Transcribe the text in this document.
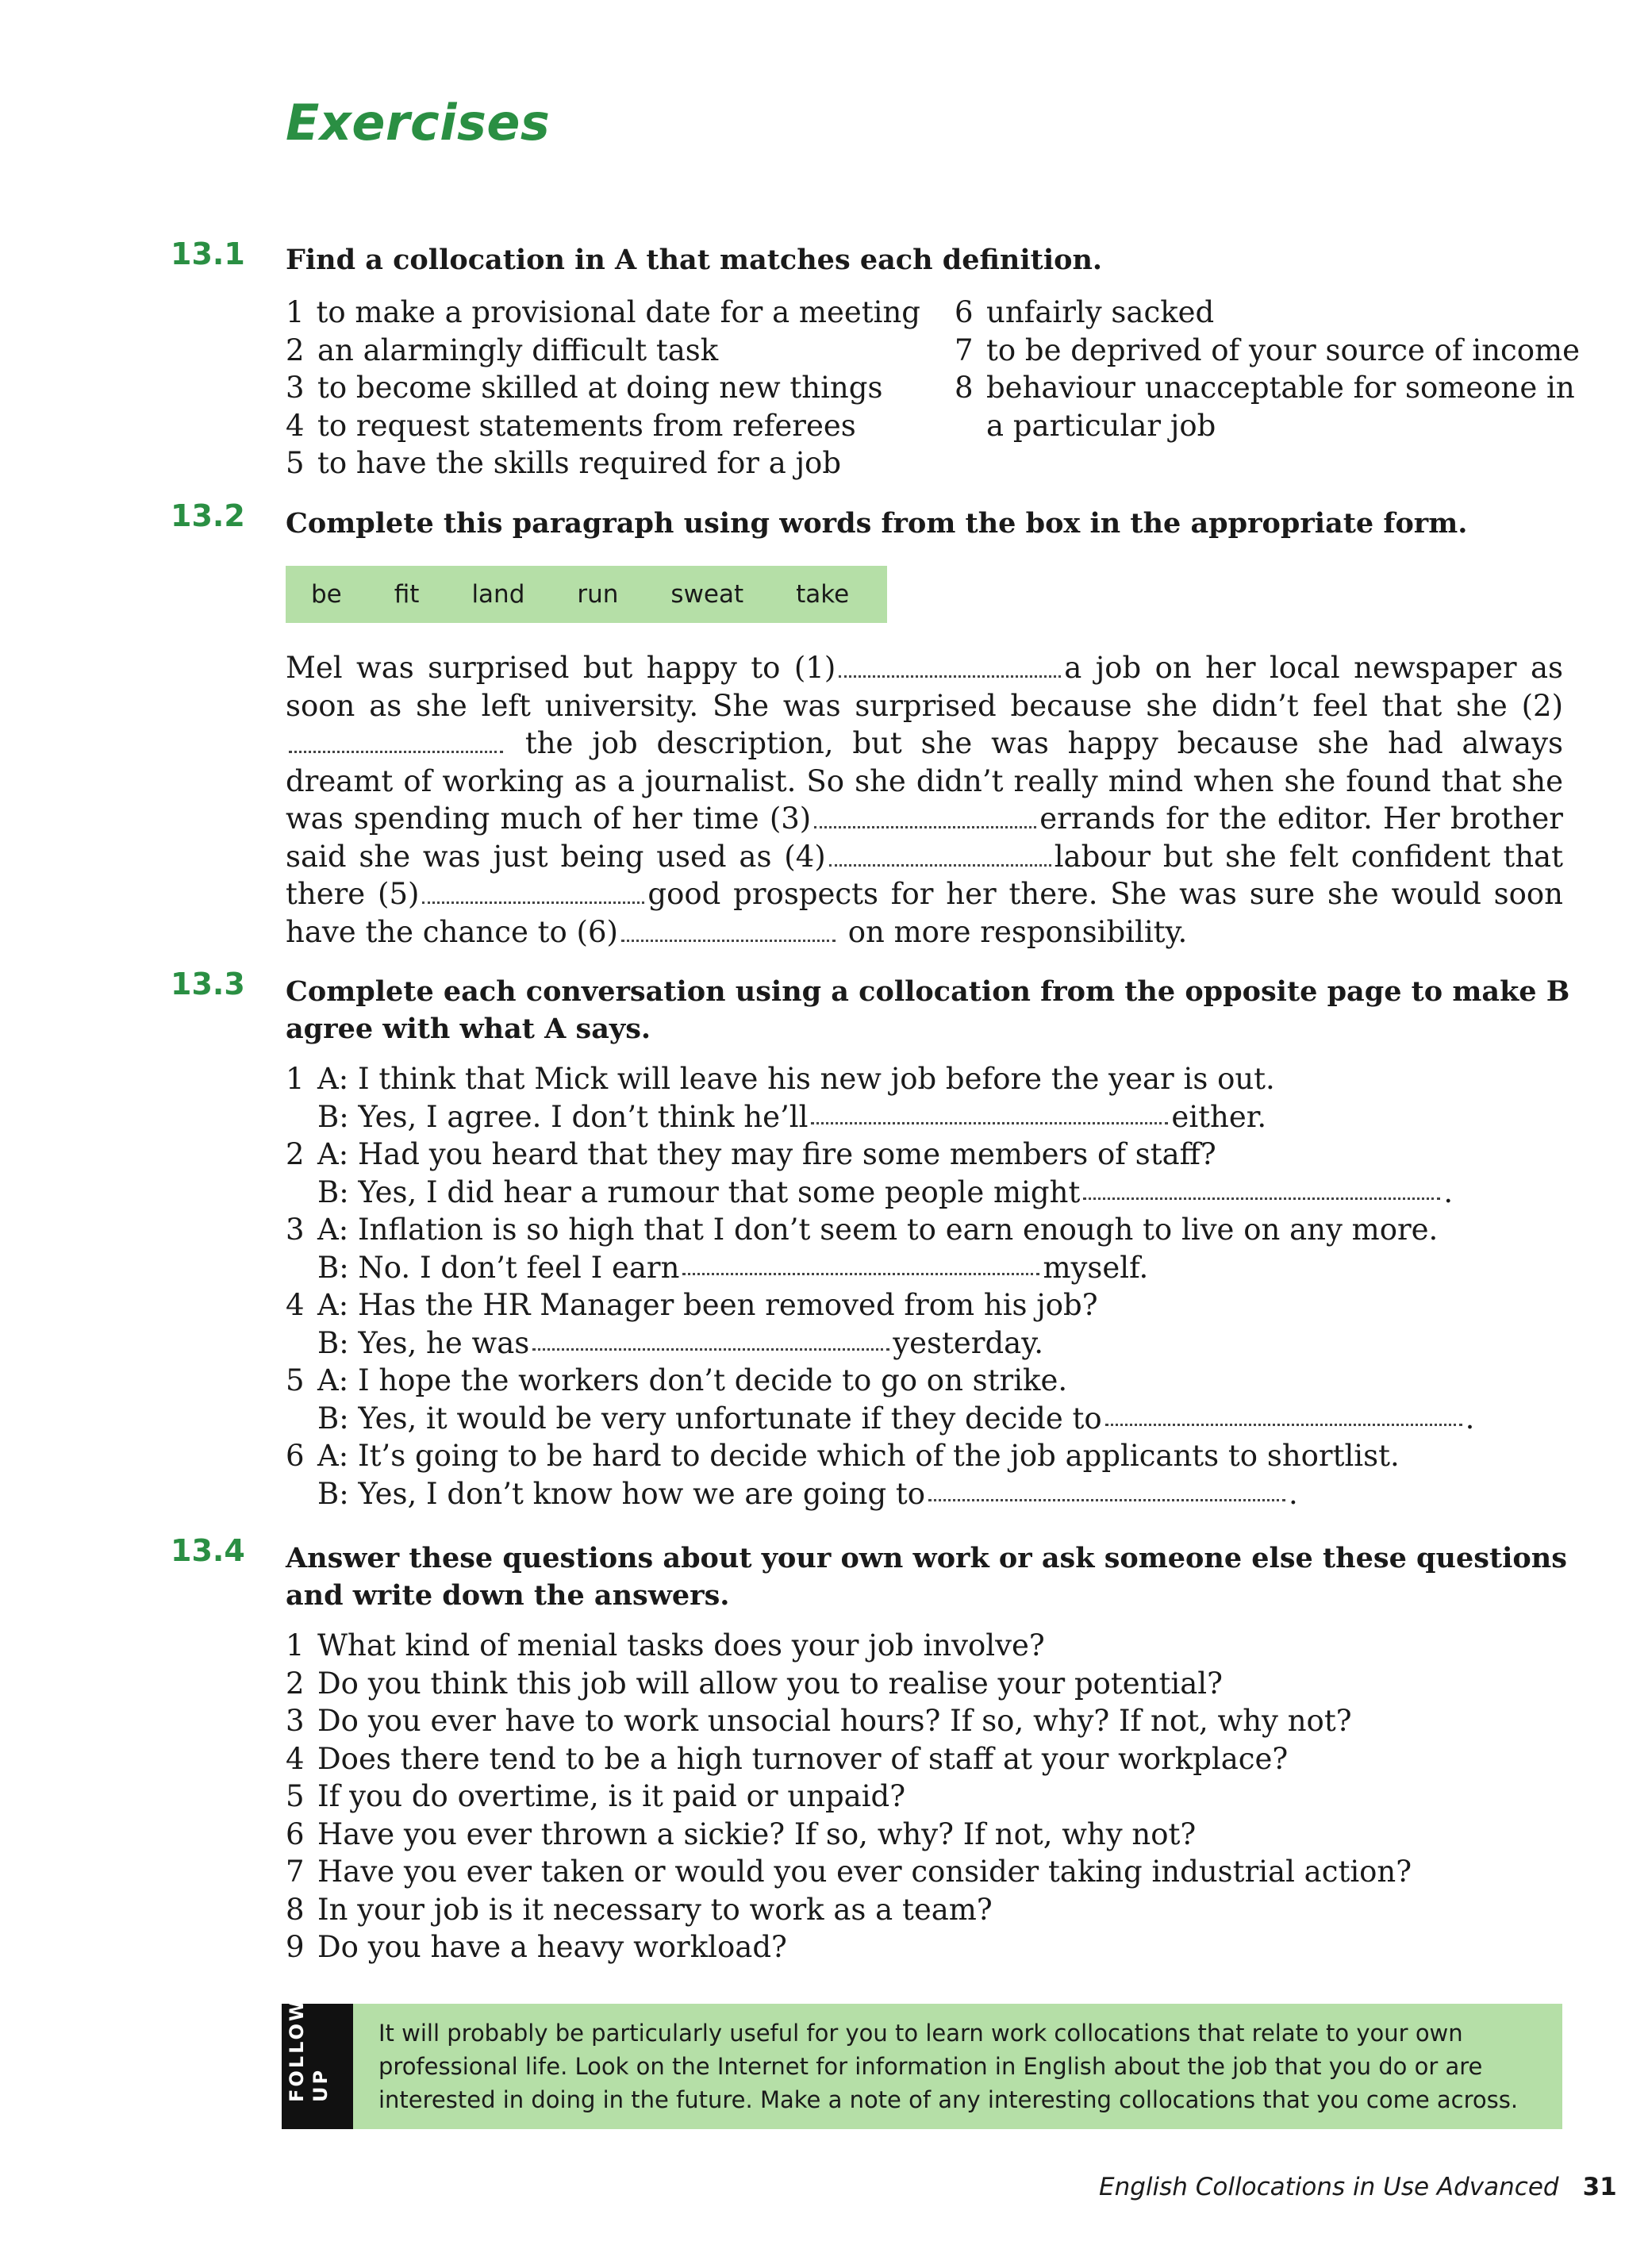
Exercises
13.1 Find a collocation in A that matches each definition.
1 to make a provisional date for a meeting
2 an alarmingly difficult task
3 to become skilled at doing new things
4 to request statements from referees
5 to have the skills required for a job
6 unfairly sacked
7 to be deprived of your source of income
8 behaviour unacceptable for someone in
a particular job
13.2 Complete this paragraph using words from the box in the appropriate form.
be fit land run sweat take

Mel was surprised but happy to (1)	a job on her local newspaper as soon as she left university. She was surprised because she didn’t feel that she (2) the job description, but she was happy because she had always dreamt of working as a journalist. So she didn’t really mind when she found that she was spending much of her time (3)	errands for the editor. Her brother said she was just being used as (4)	labour but she felt confident that there (5)	good prospects for her there. She was sure she would soon have the chance to (6)	on more responsibility.

13.3 Complete each conversation using a collocation from the opposite page to make B agree with what A says.
1 A: I think that Mick will leave his new job before the year is out.
B: Yes, I agree. I don’t think he’ll	either.
2 A: Had you heard that they may fire some members of staff?
B: Yes, I did hear a rumour that some people might	.
3 A: Inflation is so high that I don’t seem to earn enough to live on any more.
B: No. I don’t feel I earn	myself.
4 A: Has the HR Manager been removed from his job?
B: Yes, he was	yesterday.
5 A: I hope the workers don’t decide to go on strike.
B: Yes, it would be very unfortunate if they decide to	.
6 A: It’s going to be hard to decide which of the job applicants to shortlist.
B: Yes, I don’t know how we are going to	.
13.4 Answer these questions about your own work or ask someone else these questions and write down the answers.
1 What kind of menial tasks does your job involve?
2 Do you think this job will allow you to realise your potential?
3 Do you ever have to work unsocial hours? If so, why? If not, why not?
4 Does there tend to be a high turnover of staff at your workplace?
5 If you do overtime, is it paid or unpaid?
6 Have you ever thrown a sickie? If so, why? If not, why not?
7 Have you ever taken or would you ever consider taking industrial action?
8 In your job is it necessary to work as a team?
9 Do you have a heavy workload?
FOLLOW UP
It will probably be particularly useful for you to learn work collocations that relate to your own
professional life. Look on the Internet for information in English about the job that you do or are
interested in doing in the future. Make a note of any interesting collocations that you come across.
English Collocations in Use Advanced 31
